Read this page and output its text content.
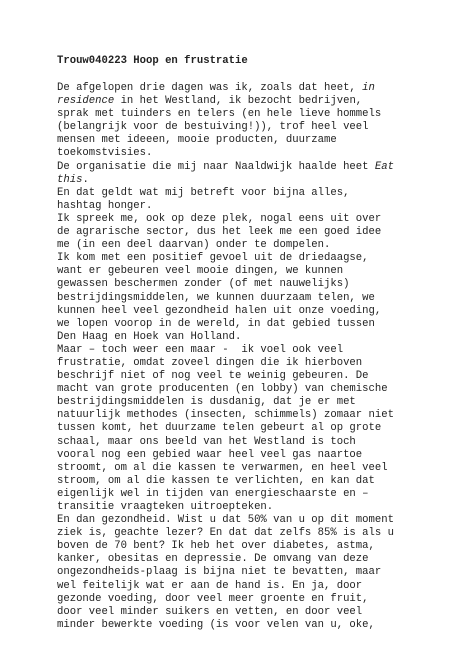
Trouw040223 Hoop en frustratie
De afgelopen drie dagen was ik, zoals dat heet, in
residence in het Westland, ik bezocht bedrijven,
sprak met tuinders en telers (en hele lieve hommels
(belangrijk voor de bestuiving!)), trof heel veel
mensen met ideeen, mooie producten, duurzame
toekomstvisies.
De organisatie die mij naar Naaldwijk haalde heet Eat
this.
En dat geldt wat mij betreft voor bijna alles,
hashtag honger.
Ik spreek me, ook op deze plek, nogal eens uit over
de agrarische sector, dus het leek me een goed idee
me (in een deel daarvan) onder te dompelen.
Ik kom met een positief gevoel uit de driedaagse,
want er gebeuren veel mooie dingen, we kunnen
gewassen beschermen zonder (of met nauwelijks)
bestrijdingsmiddelen, we kunnen duurzaam telen, we
kunnen heel veel gezondheid halen uit onze voeding,
we lopen voorop in de wereld, in dat gebied tussen
Den Haag en Hoek van Holland.
Maar – toch weer een maar -  ik voel ook veel
frustratie, omdat zoveel dingen die ik hierboven
beschrijf niet of nog veel te weinig gebeuren. De
macht van grote producenten (en lobby) van chemische
bestrijdingsmiddelen is dusdanig, dat je er met
natuurlijk methodes (insecten, schimmels) zomaar niet
tussen komt, het duurzame telen gebeurt al op grote
schaal, maar ons beeld van het Westland is toch
vooral nog een gebied waar heel veel gas naartoe
stroomt, om al die kassen te verwarmen, en heel veel
stroom, om al die kassen te verlichten, en kan dat
eigenlijk wel in tijden van energieschaarste en –
transitie vraagteken uitroepteken.
En dan gezondheid. Wist u dat 50% van u op dit moment
ziek is, geachte lezer? En dat dat zelfs 85% is als u
boven de 70 bent? Ik heb het over diabetes, astma,
kanker, obesitas en depressie. De omvang van deze
ongezondheids-plaag is bijna niet te bevatten, maar
wel feitelijk wat er aan de hand is. En ja, door
gezonde voeding, door veel meer groente en fruit,
door veel minder suikers en vetten, en door veel
minder bewerkte voeding (is voor velen van u, oke,
